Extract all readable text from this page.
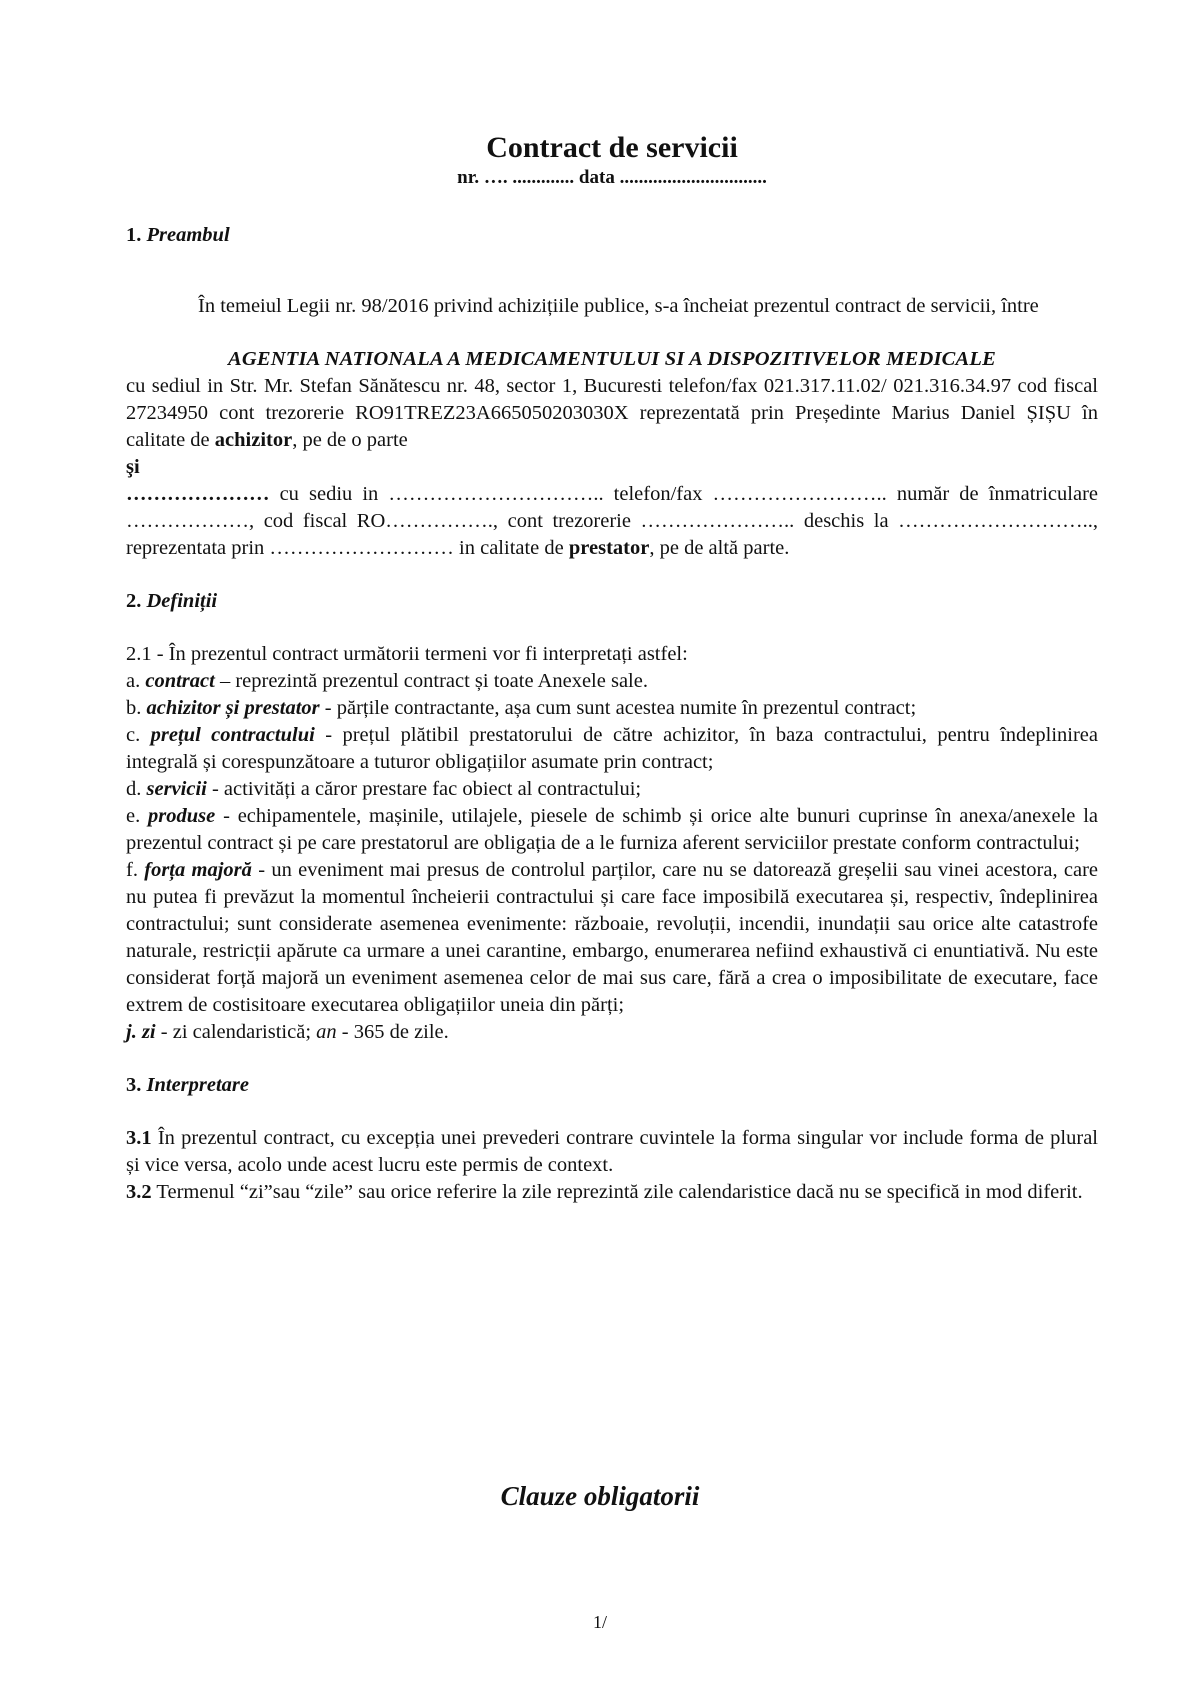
Contract de servicii

nr. …. ............. data ...............................

1. Preambul

În temeiul Legii nr. 98/2016 privind achizițiile publice, s-a încheiat prezentul contract de servicii, între

AGENTIA NATIONALA A MEDICAMENTULUI SI A DISPOZITIVELOR MEDICALE

cu sediul in Str. Mr. Stefan Sănătescu nr. 48, sector 1, Bucuresti telefon/fax 021.317.11.02/ 021.316.34.97 cod fiscal 27234950 cont trezorerie RO91TREZ23A665050203030X reprezentată prin Președinte Marius Daniel ȘIȘU în calitate de achizitor, pe de o parte

şi

………………… cu sediu in ………………………….. telefon/fax …………………….. număr de înmatriculare ………………, cod fiscal RO……………., cont trezorerie ………………….. deschis la ……………………….., reprezentata prin ……………………… in calitate de prestator, pe de altă parte.

2. Definiții

2.1 - În prezentul contract următorii termeni vor fi interpretați astfel:

a. contract – reprezintă prezentul contract și toate Anexele sale.

b. achizitor și prestator - părțile contractante, așa cum sunt acestea numite în prezentul contract;

c. prețul contractului - prețul plătibil prestatorului de către achizitor, în baza contractului, pentru îndeplinirea integrală și corespunzătoare a tuturor obligațiilor asumate prin contract;

d. servicii - activități a căror prestare fac obiect al contractului;

e. produse - echipamentele, mașinile, utilajele, piesele de schimb și orice alte bunuri cuprinse în anexa/anexele la prezentul contract și pe care prestatorul are obligația de a le furniza aferent serviciilor prestate conform contractului;

f. forța majoră - un eveniment mai presus de controlul parților, care nu se datorează greșelii sau vinei acestora, care nu putea fi prevăzut la momentul încheierii contractului și care face imposibilă executarea și, respectiv, îndeplinirea contractului; sunt considerate asemenea evenimente: războaie, revoluții, incendii, inundații sau orice alte catastrofe naturale, restricții apărute ca urmare a unei carantine, embargo, enumerarea nefiind exhaustivă ci enuntiativă. Nu este considerat forță majoră un eveniment asemenea celor de mai sus care, fără a crea o imposibilitate de executare, face extrem de costisitoare executarea obligațiilor uneia din părți;

j. zi - zi calendaristică; an - 365 de zile.

3. Interpretare

3.1 În prezentul contract, cu excepția unei prevederi contrare cuvintele la forma singular vor include forma de plural și vice versa, acolo unde acest lucru este permis de context.

3.2 Termenul “zi”sau “zile” sau orice referire la zile reprezintă zile calendaristice dacă nu se specifică in mod diferit.

Clauze obligatorii
1/
